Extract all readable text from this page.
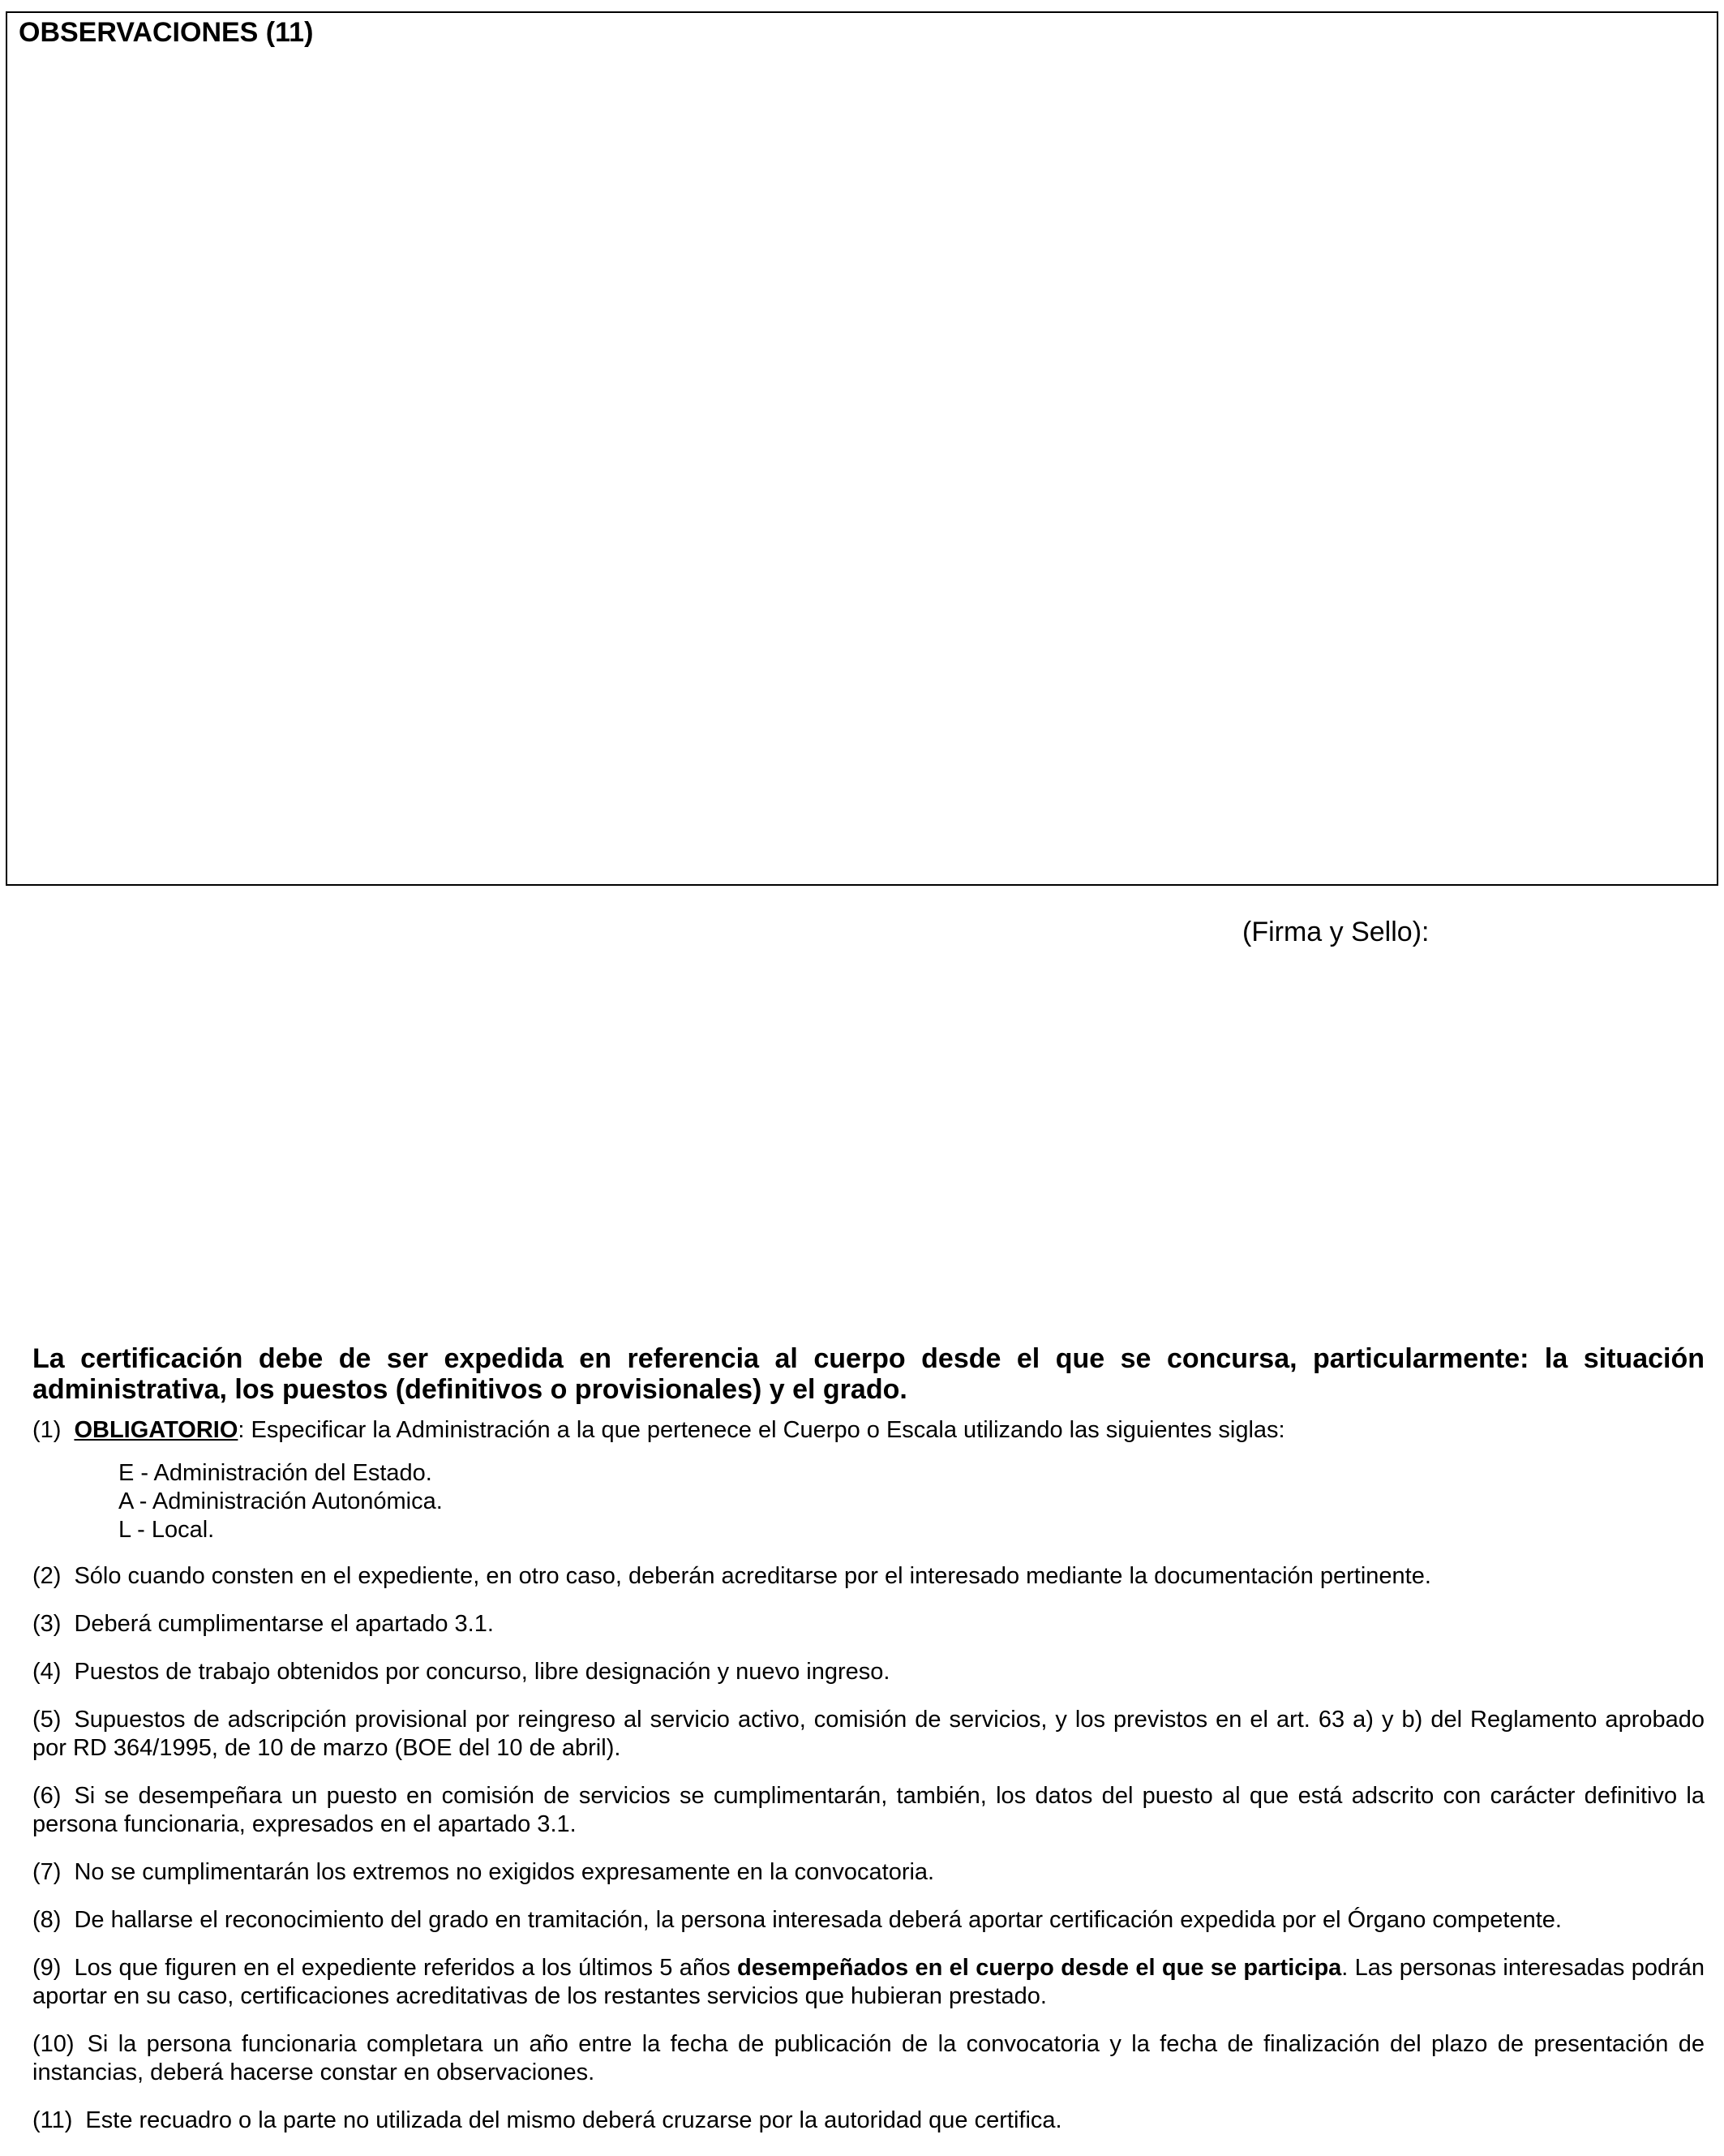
OBSERVACIONES (11)
(Firma y Sello):

La certificación debe de ser expedida en referencia al cuerpo desde el que se concursa, particularmente: la situación administrativa, los puestos (definitivos o provisionales) y el grado.

(1) OBLIGATORIO: Especificar la Administración a la que pertenece el Cuerpo o Escala utilizando las siguientes siglas:

E - Administración del Estado.
A - Administración Autonómica.
L - Local.

(2) Sólo cuando consten en el expediente, en otro caso, deberán acreditarse por el interesado mediante la documentación pertinente.

(3) Deberá cumplimentarse el apartado 3.1.

(4) Puestos de trabajo obtenidos por concurso, libre designación y nuevo ingreso.

(5) Supuestos de adscripción provisional por reingreso al servicio activo, comisión de servicios, y los previstos en el art. 63 a) y b) del Reglamento aprobado por RD 364/1995, de 10 de marzo (BOE del 10 de abril).

(6) Si se desempeñara un puesto en comisión de servicios se cumplimentarán, también, los datos del puesto al que está adscrito con carácter definitivo la persona funcionaria, expresados en el apartado 3.1.

(7) No se cumplimentarán los extremos no exigidos expresamente en la convocatoria.

(8) De hallarse el reconocimiento del grado en tramitación, la persona interesada deberá aportar certificación expedida por el Órgano competente.

(9) Los que figuren en el expediente referidos a los últimos 5 años desempeñados en el cuerpo desde el que se participa. Las personas interesadas podrán aportar en su caso, certificaciones acreditativas de los restantes servicios que hubieran prestado.

(10) Si la persona funcionaria completara un año entre la fecha de publicación de la convocatoria y la fecha de finalización del plazo de presentación de instancias, deberá hacerse constar en observaciones.

(11) Este recuadro o la parte no utilizada del mismo deberá cruzarse por la autoridad que certifica.
